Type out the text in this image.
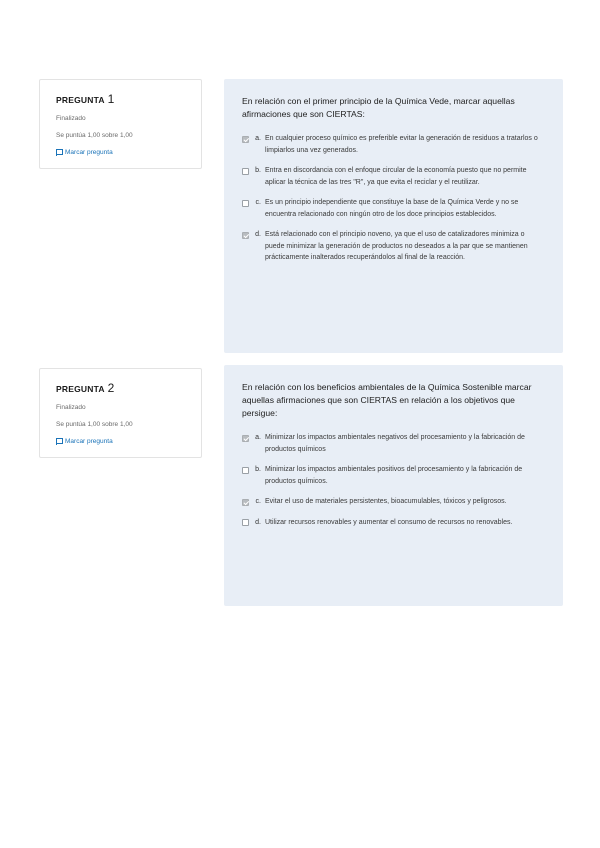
PREGUNTA 1
Finalizado
Se puntúa 1,00 sobre 1,00
Marcar pregunta
En relación con el primer principio de la Química Vede, marcar aquellas afirmaciones que son CIERTAS:
a. En cualquier proceso químico es preferible evitar la generación de residuos a tratarlos o limpiarlos una vez generados.
b. Entra en discordancia con el enfoque circular de la economía puesto que no permite aplicar la técnica de las tres "R", ya que evita el reciclar y el reutilizar.
c. Es un principio independiente que constituye la base de la Química Verde y no se encuentra relacionado con ningún otro de los doce principios establecidos.
d. Está relacionado con el principio noveno, ya que el uso de catalizadores minimiza o puede minimizar la generación de productos no deseados a la par que se mantienen prácticamente inalterados recuperándolos al final de la reacción.
PREGUNTA 2
Finalizado
Se puntúa 1,00 sobre 1,00
Marcar pregunta
En relación con los beneficios ambientales de la Química Sostenible marcar aquellas afirmaciones que son CIERTAS en relación a los objetivos que persigue:
a. Minimizar los impactos ambientales negativos del procesamiento y la fabricación de productos químicos
b. Minimizar los impactos ambientales positivos del procesamiento y la fabricación de productos químicos.
c. Evitar el uso de materiales persistentes, bioacumulables, tóxicos y peligrosos.
d. Utilizar recursos renovables y aumentar el consumo de recursos no renovables.
